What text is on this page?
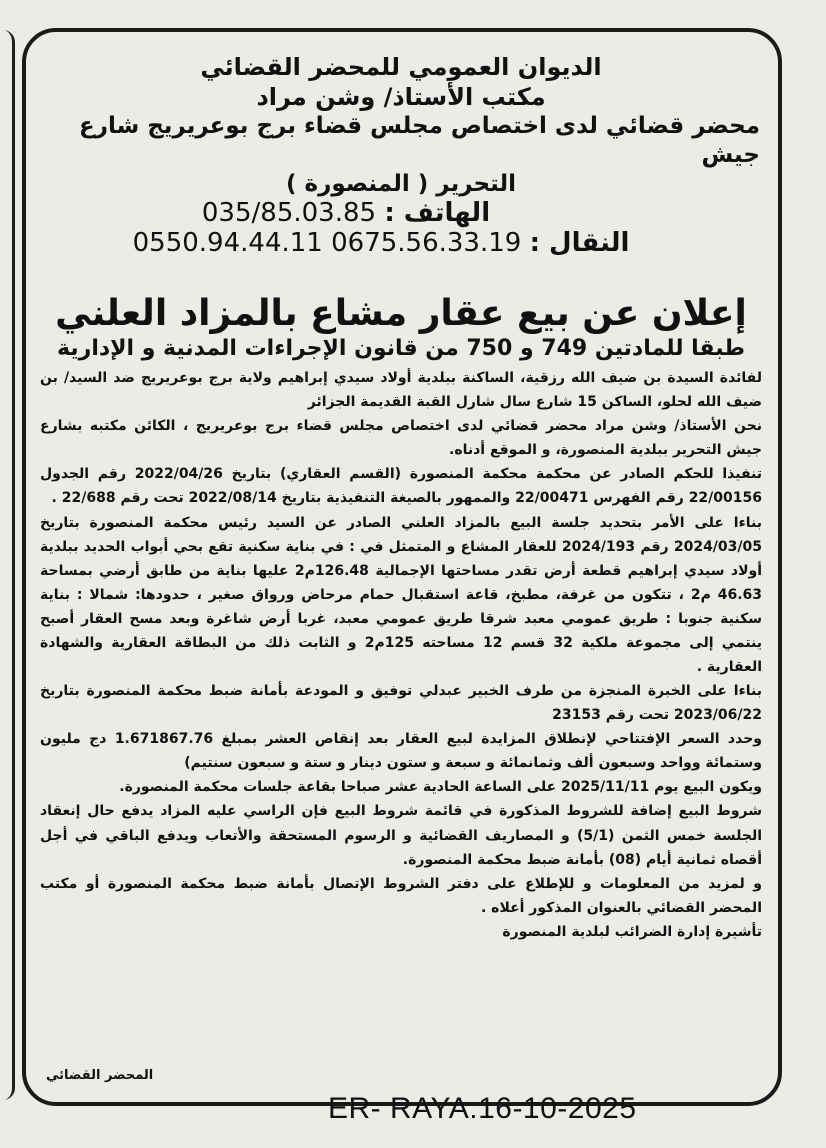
الديوان العمومي للمحضر القضائي
مكتب الأستاذ/ وشن مراد
محضر قضائي لدى اختصاص مجلس قضاء برج بوعريريج شارع جيش
التحرير ( المنصورة )
الهاتف : 035/85.03.85
النقال : 0550.94.44.11 0675.56.33.19
إعلان عن بيع عقار مشاع بالمزاد العلني
طبقا للمادتين 749 و 750 من قانون الإجراءات المدنية و الإدارية
لفائدة السيدة بن ضيف الله رزقية، الساكنة ببلدية أولاد سيدي إبراهيم ولاية برج بوعريريج ضد السيد/ بن ضيف الله لحلو، الساكن 15 شارع سال شارل القبة القديمة الجزائر
نحن الأستاذ/ وشن مراد محضر قضائي لدى اختصاص مجلس قضاء برج بوعريريج ، الكائن مكتبه بشارع جيش التحرير ببلدية المنصورة، و الموقع أدناه.
تنفيذا للحكم الصادر عن محكمة محكمة المنصورة (القسم العقاري) بتاريخ 2022/04/26 رقم الجدول 22/00156 رقم الفهرس 22/00471 والممهور بالصيغة التنفيذية بتاريخ 2022/08/14 تحت رقم 22/688 .
بناءا على الأمر بتحديد جلسة البيع بالمزاد العلني الصادر عن السيد رئيس محكمة المنصورة بتاريخ 2024/03/05 رقم 2024/193 للعقار المشاع و المتمثل في : في بناية سكنية تقع بحي أبواب الحديد ببلدية أولاد سيدي إبراهيم قطعة أرض تقدر مساحتها الإجمالية 126.48م2 عليها بناية من طابق أرضي بمساحة 46.63 م2 ، تتكون من غرفة، مطبخ، قاعة استقبال حمام مرحاض ورواق صغير ، حدودها: شمالا : بناية سكنية جنوبا : طريق عمومي معبد شرقا طريق عمومي معبد، غربا أرض شاغرة وبعد مسح العقار أصبح ينتمي إلى مجموعة ملكية 32 قسم 12 مساحته 125م2 و الثابت ذلك من البطاقة العقارية والشهادة العقارية .
بناءا على الخبرة المنجزة من طرف الخبير عبدلي توفيق و المودعة بأمانة ضبط محكمة المنصورة بتاريخ 2023/06/22 تحت رقم 23153
وحدد السعر الإفتتاحي لإنطلاق المزايدة لبيع العقار بعد إنقاص العشر بمبلغ 1.671867.76 دج مليون وستمائة وواحد وسبعون ألف وثمانمائة و سبعة و ستون دينار و ستة و سبعون سنتيم)
ويكون البيع يوم 2025/11/11 على الساعة الحادية عشر صباحا بقاعة جلسات محكمة المنصورة.
شروط البيع إضافة للشروط المذكورة في قائمة شروط البيع فإن الراسي عليه المزاد يدفع حال إنعقاد الجلسة خمس الثمن (5/1) و المصاريف القضائية و الرسوم المستحقة والأتعاب ويدفع الباقي في أجل أقصاه ثمانية أيام (08) بأمانة ضبط محكمة المنصورة.
و لمزيد من المعلومات و للإطلاع على دفتر الشروط الإتصال بأمانة ضبط محكمة المنصورة أو مكتب المحضر القضائي بالعنوان المذكور أعلاه .
تأشيرة إدارة الضرائب لبلدية المنصورة
المحضر القضائي
ER- RAYA:16-10-2025
